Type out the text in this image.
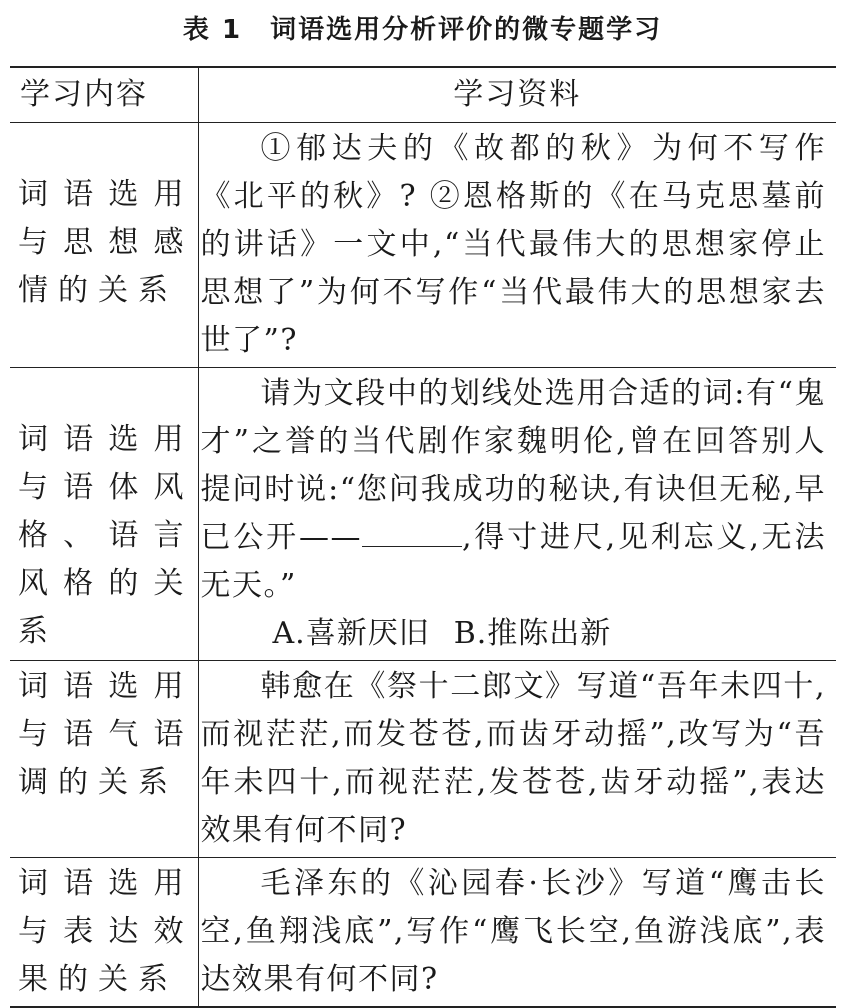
表 1 词语选用分析评价的微专题学习
学习内容	学习资料
词语选用与思想感情的关系	①郁达夫的《故都的秋》为何不写作《北平的秋》? ②恩格斯的《在马克思墓前的讲话》一文中,“当代最伟大的思想家停止思想了”为何不写作“当代最伟大的思想家去世了”?

词语选用与语体风格、语言风格的关系	请为文段中的划线处选用合适的词:有“鬼才”之誉的当代剧作家魏明伦,曾在回答别人提问时说:“您问我成功的秘诀,有诀但无秘,早已公开—— ,得寸进尺,见利忘义,无法无天。”
A.喜新厌旧 B.推陈出新

词语选用与语气语调的关系	韩愈在《祭十二郎文》写道“吾年未四十,而视茫茫,而发苍苍,而齿牙动摇”,改写为“吾年未四十,而视茫茫,发苍苍,齿牙动摇”,表达效果有何不同?

词语选用与表达效果的关系	毛泽东的《沁园春·长沙》写道“鹰击长空,鱼翔浅底”,写作“鹰飞长空,鱼游浅底”,表达效果有何不同?
